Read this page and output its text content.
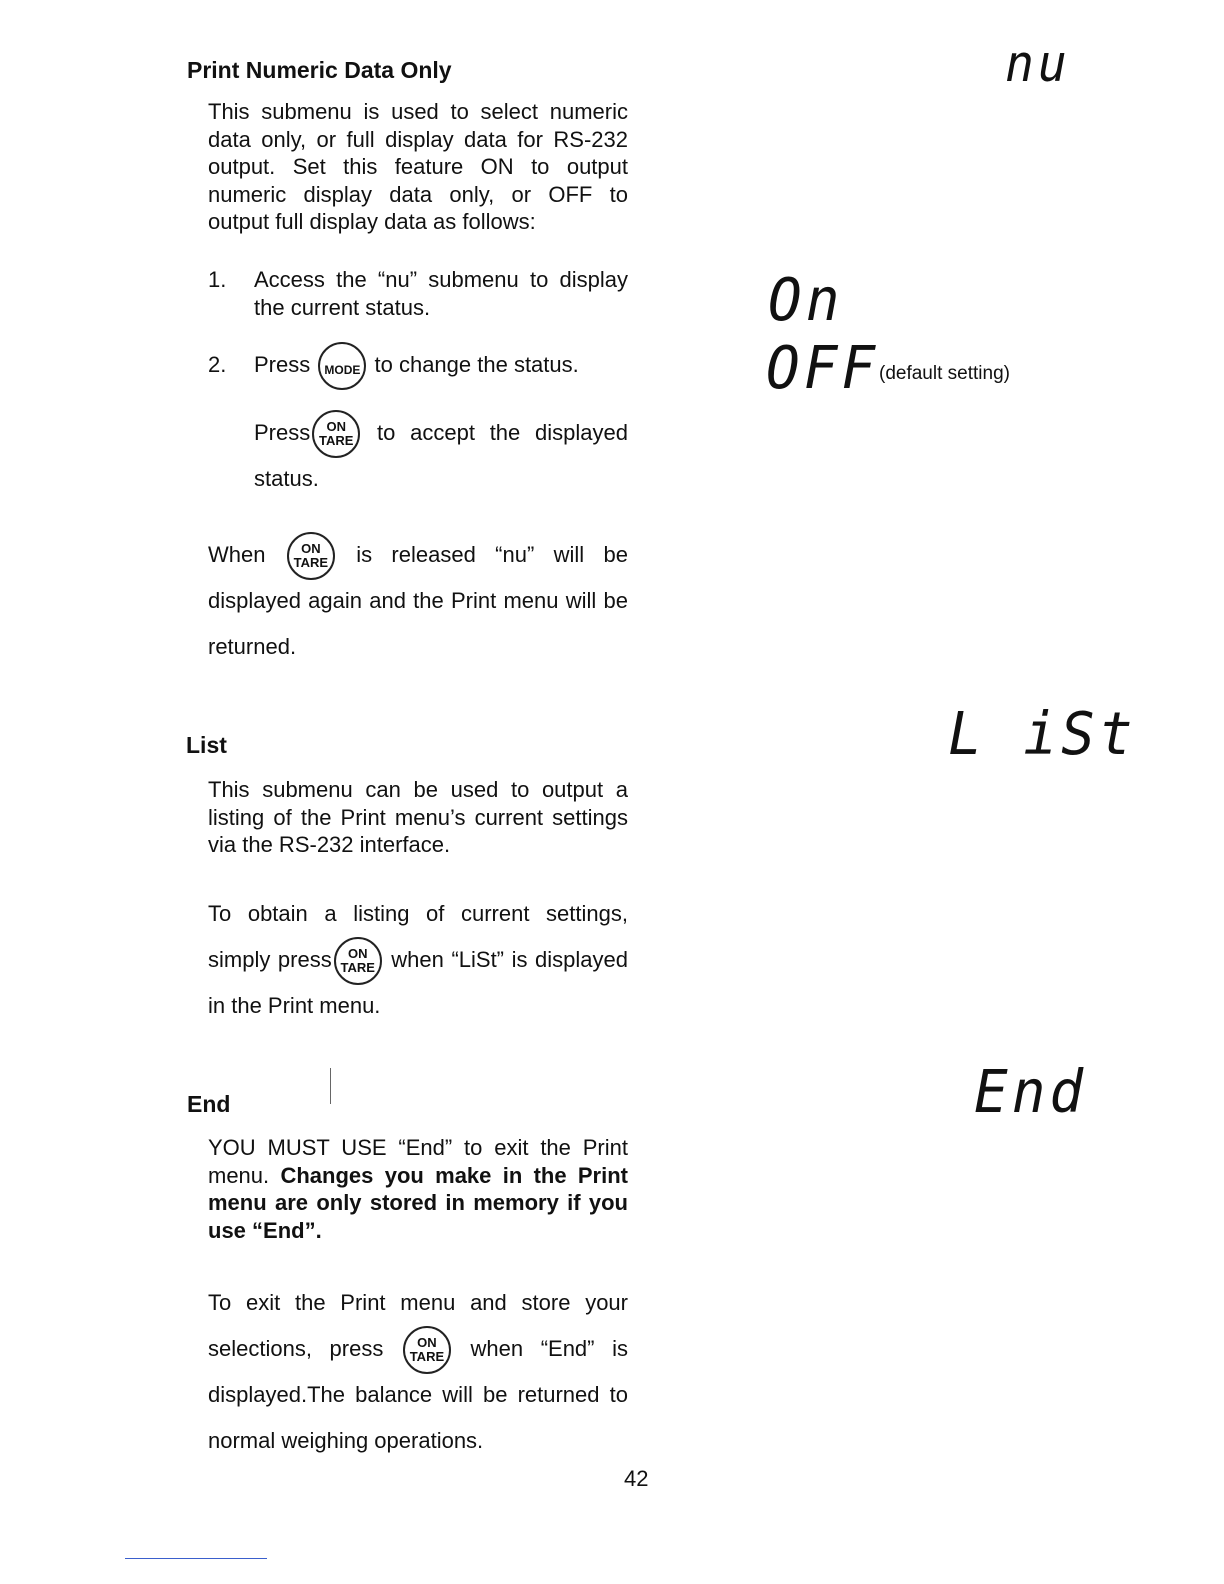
Print Numeric Data Only	nu
This submenu is used to select numeric data only, or full display data for RS-232 output. Set this feature ON to output numeric display data only, or OFF to output full display data as follows:
1.	Access the “nu” submenu to display the current status.
2. Press MODE to change the status.
Press ON
TARE to accept the displayed status.
When	ON
TARE is released “nu” will be displayed again and the Print menu will be returned.
On
OFF (default setting)
List	L iSt
This submenu can be used to output a listing of the Print menu’s current settings via the RS-232 interface.
To obtain a listing of current settings, simply press ON
TARE when “LiSt” is displayed in the Print menu.
End	End
YOU MUST USE “End” to exit the Print menu. Changes you make in the Print menu are only stored in memory if you use “End”.
To exit the Print menu and store your selections, press	ON
TARE when “End” is displayed.The balance will be returned to normal weighing operations.
42
